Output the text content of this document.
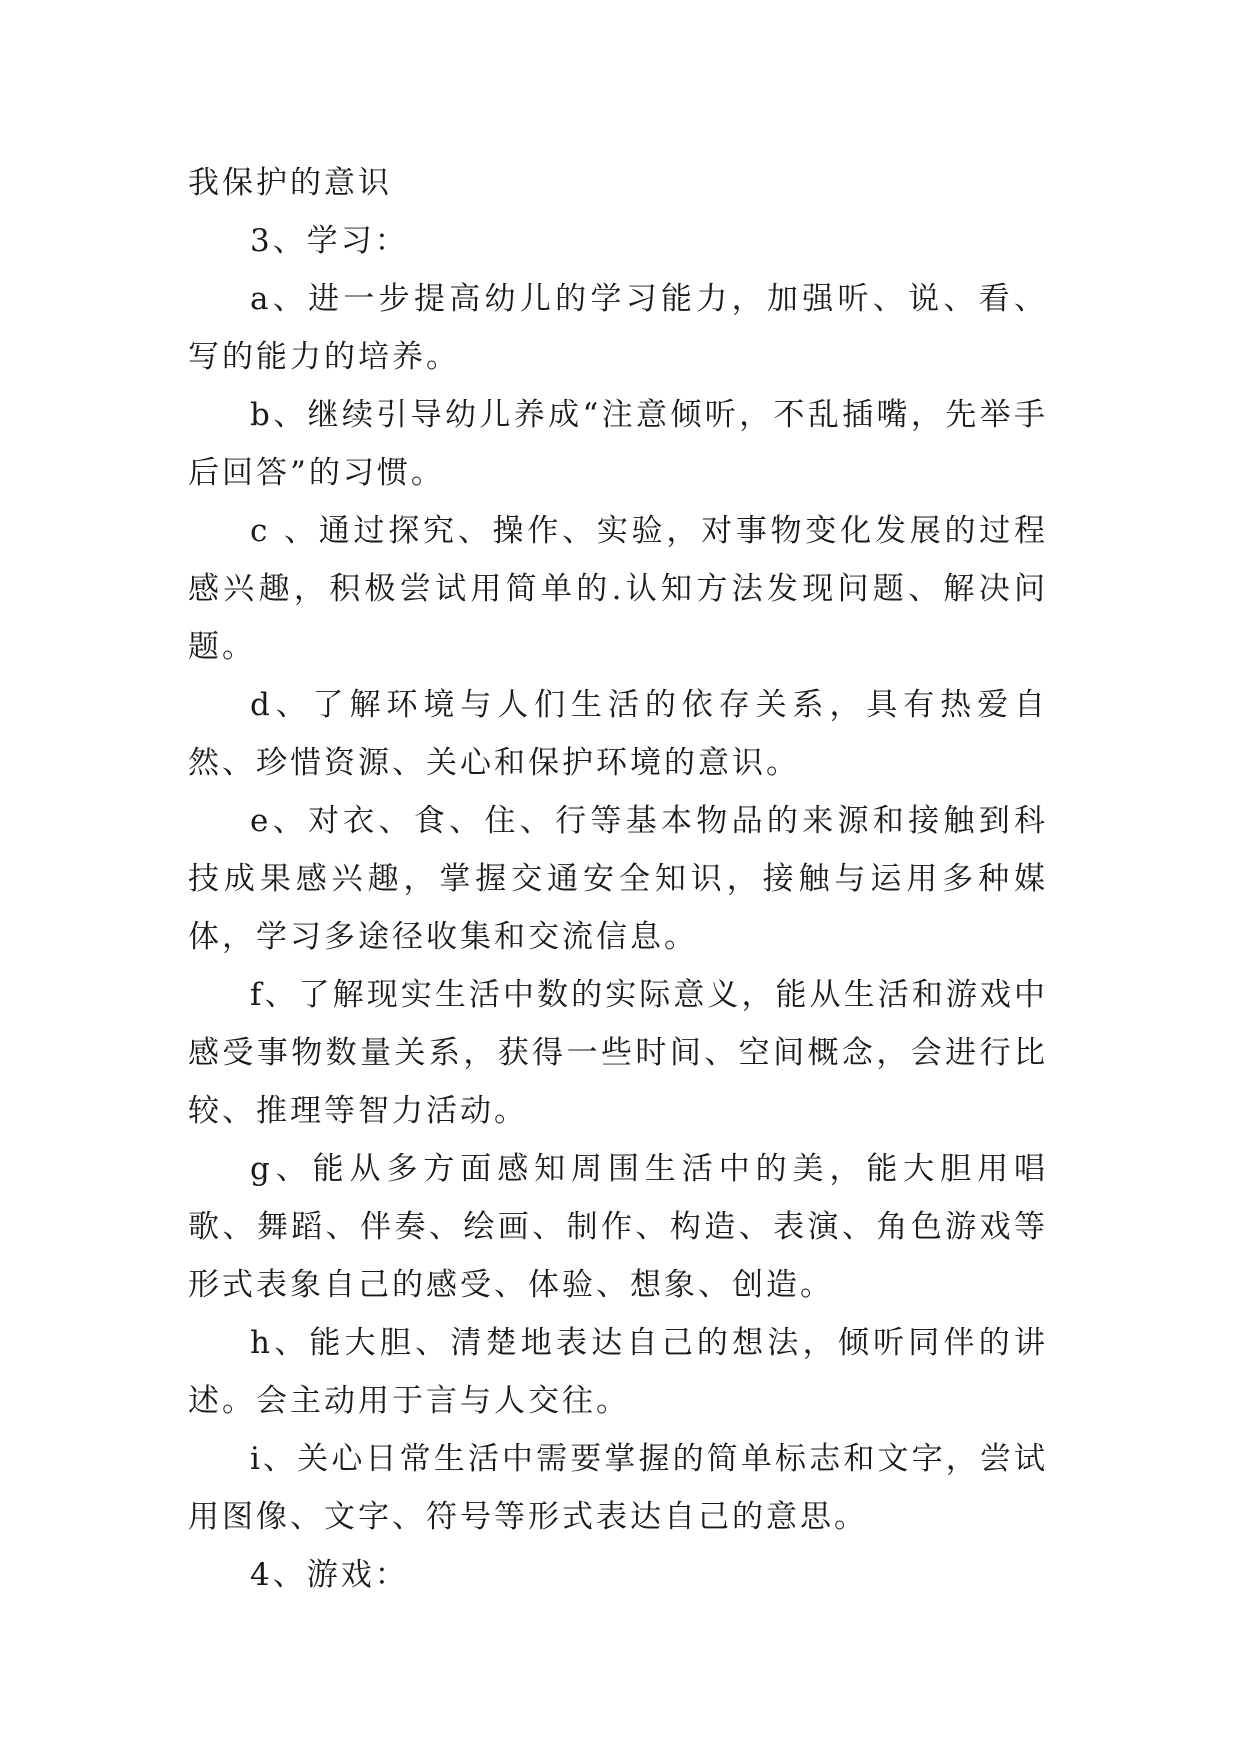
我保护的意识

3、学习：

a、进一步提高幼儿的学习能力，加强听、说、看、写的能力的培养。

b、继续引导幼儿养成“注意倾听，不乱插嘴，先举手后回答”的习惯。

c 、通过探究、操作、实验，对事物变化发展的过程感兴趣，积极尝试用简单的.认知方法发现问题、解决问题。

d、了解环境与人们生活的依存关系，具有热爱自然、珍惜资源、关心和保护环境的意识。

e、对衣、食、住、行等基本物品的来源和接触到科技成果感兴趣，掌握交通安全知识，接触与运用多种媒体，学习多途径收集和交流信息。

f、了解现实生活中数的实际意义，能从生活和游戏中感受事物数量关系，获得一些时间、空间概念，会进行比较、推理等智力活动。

g、能从多方面感知周围生活中的美，能大胆用唱歌、舞蹈、伴奏、绘画、制作、构造、表演、角色游戏等形式表象自己的感受、体验、想象、创造。

h、能大胆、清楚地表达自己的想法，倾听同伴的讲述。会主动用于言与人交往。

i、关心日常生活中需要掌握的简单标志和文字，尝试用图像、文字、符号等形式表达自己的意思。

4、游戏：
